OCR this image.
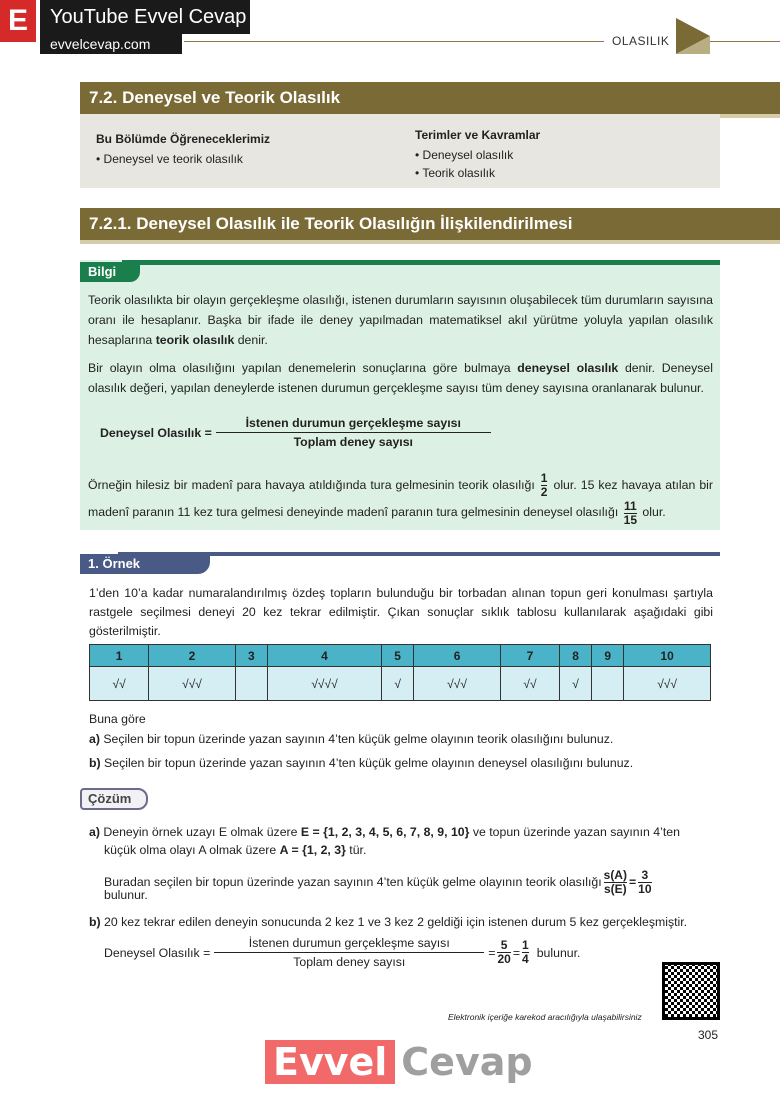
E	YouTube Evvel Cevap
evvelcevap.com	OLASILIK
7.2. Deneysel ve Teorik Olasılık
Bu Bölümde Öğreneceklerimiz
• Deneysel ve teorik olasılık
Terimler ve Kavramlar
• Deneysel olasılık
• Teorik olasılık
7.2.1. Deneysel Olasılık ile Teorik Olasılığın İlişkilendirilmesi
Bilgi

Teorik olasılıkta bir olayın gerçekleşme olasılığı, istenen durumların sayısının oluşabilecek tüm durumların sayısına oranı ile hesaplanır. Başka bir ifade ile deney yapılmadan matematiksel akıl yürütme yoluyla yapılan olasılık hesaplarına teorik olasılık denir.

Bir olayın olma olasılığını yapılan denemelerin sonuçlarına göre bulmaya deneysel olasılık denir. Deneysel olasılık değeri, yapılan deneylerde istenen durumun gerçekleşme sayısı tüm deney sayısına oranlanarak bulunur.

Deneysel Olasılık = $\frac{\text{İstenen durumun gerçekleşme sayısı}}{\text{Toplam deney sayısı}}$

Örneğin hilesiz bir madenî para havaya atıldığında tura gelmesinin teorik olasılığı $\frac{1}{2}$ olur. 15 kez havaya atılan bir madenî paranın 11 kez tura gelmesi deneyinde madenî paranın tura gelmesinin deneysel olasılığı $\frac{11}{15}$ olur.

1. Örnek

1’den 10’a kadar numaralandırılmış özdeş topların bulunduğu bir torbadan alınan topun geri konulması şartıyla rastgele seçilmesi deneyi 20 kez tekrar edilmiştir. Çıkan sonuçlar sıklık tablosu kullanılarak aşağıdaki gibi gösterilmiştir.

1	2	3	4	5	6	7	8	9	10
√√	√√√		√√√√	√	√√√	√√	√		√√√
Buna göre
a) Seçilen bir topun üzerinde yazan sayının 4’ten küçük gelme olayının teorik olasılığını bulunuz.
b) Seçilen bir topun üzerinde yazan sayının 4’ten küçük gelme olayının deneysel olasılığını bulunuz.
Çözüm
a) Deneyin örnek uzayı E olmak üzere E = {1, 2, 3, 4, 5, 6, 7, 8, 9, 10} ve topun üzerinde yazan sayının 4’ten
küçük olma olayı A olmak üzere A = {1, 2, 3} tür.
Buradan seçilen bir topun üzerinde yazan sayının 4’ten küçük gelme olayının teorik olasılığı $\frac{s(A)}{s(E)} = \frac{3}{10}$
bulunur.
b) 20 kez tekrar edilen deneyin sonucunda 2 kez 1 ve 3 kez 2 geldiği için istenen durum 5 kez gerçekleşmiştir.
Deneysel Olasılık = $\frac{\text{İstenen durumun gerçekleşme sayısı}}{\text{Toplam deney sayısı}} = \frac{5}{20} = \frac{1}{4}$ bulunur.
Elektronik içeriğe karekod aracılığıyla ulaşabilirsiniz
305
Evvel Cevap
